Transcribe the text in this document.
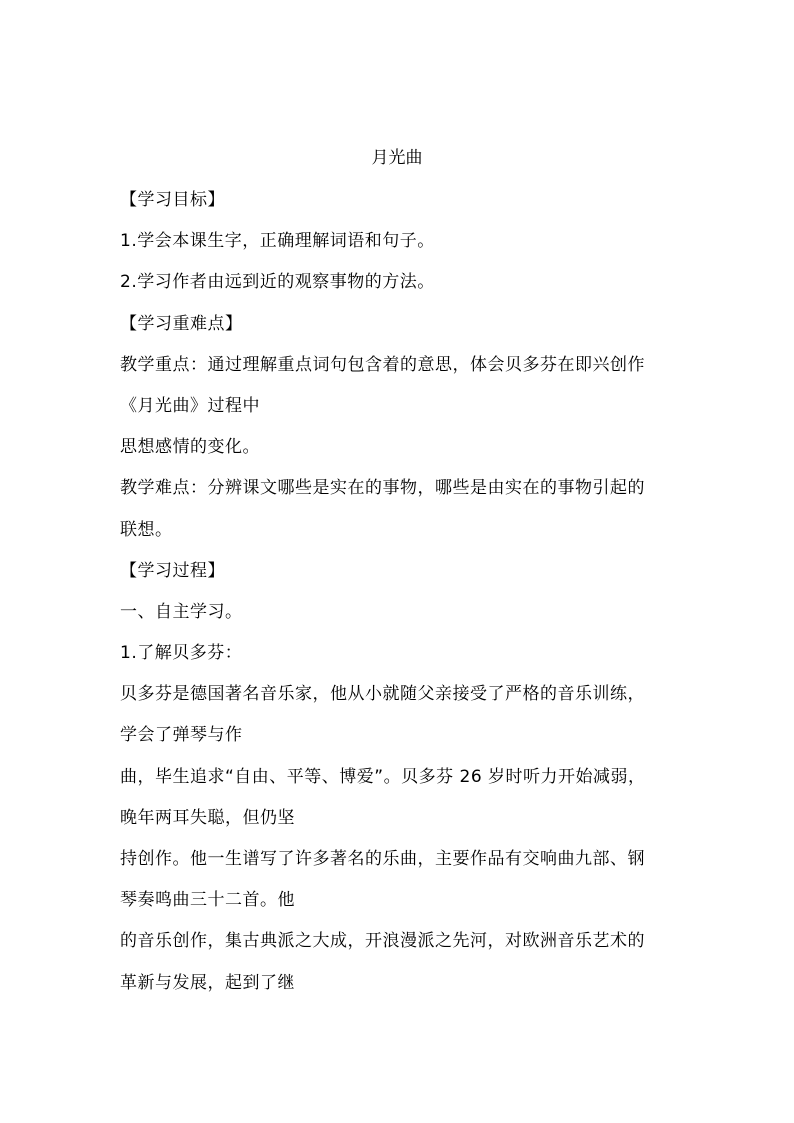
月光曲
【学习目标】
1.学会本课生字，正确理解词语和句子。
2.学习作者由远到近的观察事物的方法。
【学习重难点】
教学重点：通过理解重点词句包含着的意思，体会贝多芬在即兴创作
《月光曲》过程中
思想感情的变化。
教学难点：分辨课文哪些是实在的事物，哪些是由实在的事物引起的
联想。
【学习过程】
一、自主学习。
1.了解贝多芬：
贝多芬是德国著名音乐家，他从小就随父亲接受了严格的音乐训练，
学会了弹琴与作
曲，毕生追求“自由、平等、博爱”。贝多芬 26 岁时听力开始减弱，
晚年两耳失聪，但仍坚
持创作。他一生谱写了许多著名的乐曲，主要作品有交响曲九部、钢
琴奏鸣曲三十二首。他
的音乐创作，集古典派之大成，开浪漫派之先河，对欧洲音乐艺术的
革新与发展，起到了继
